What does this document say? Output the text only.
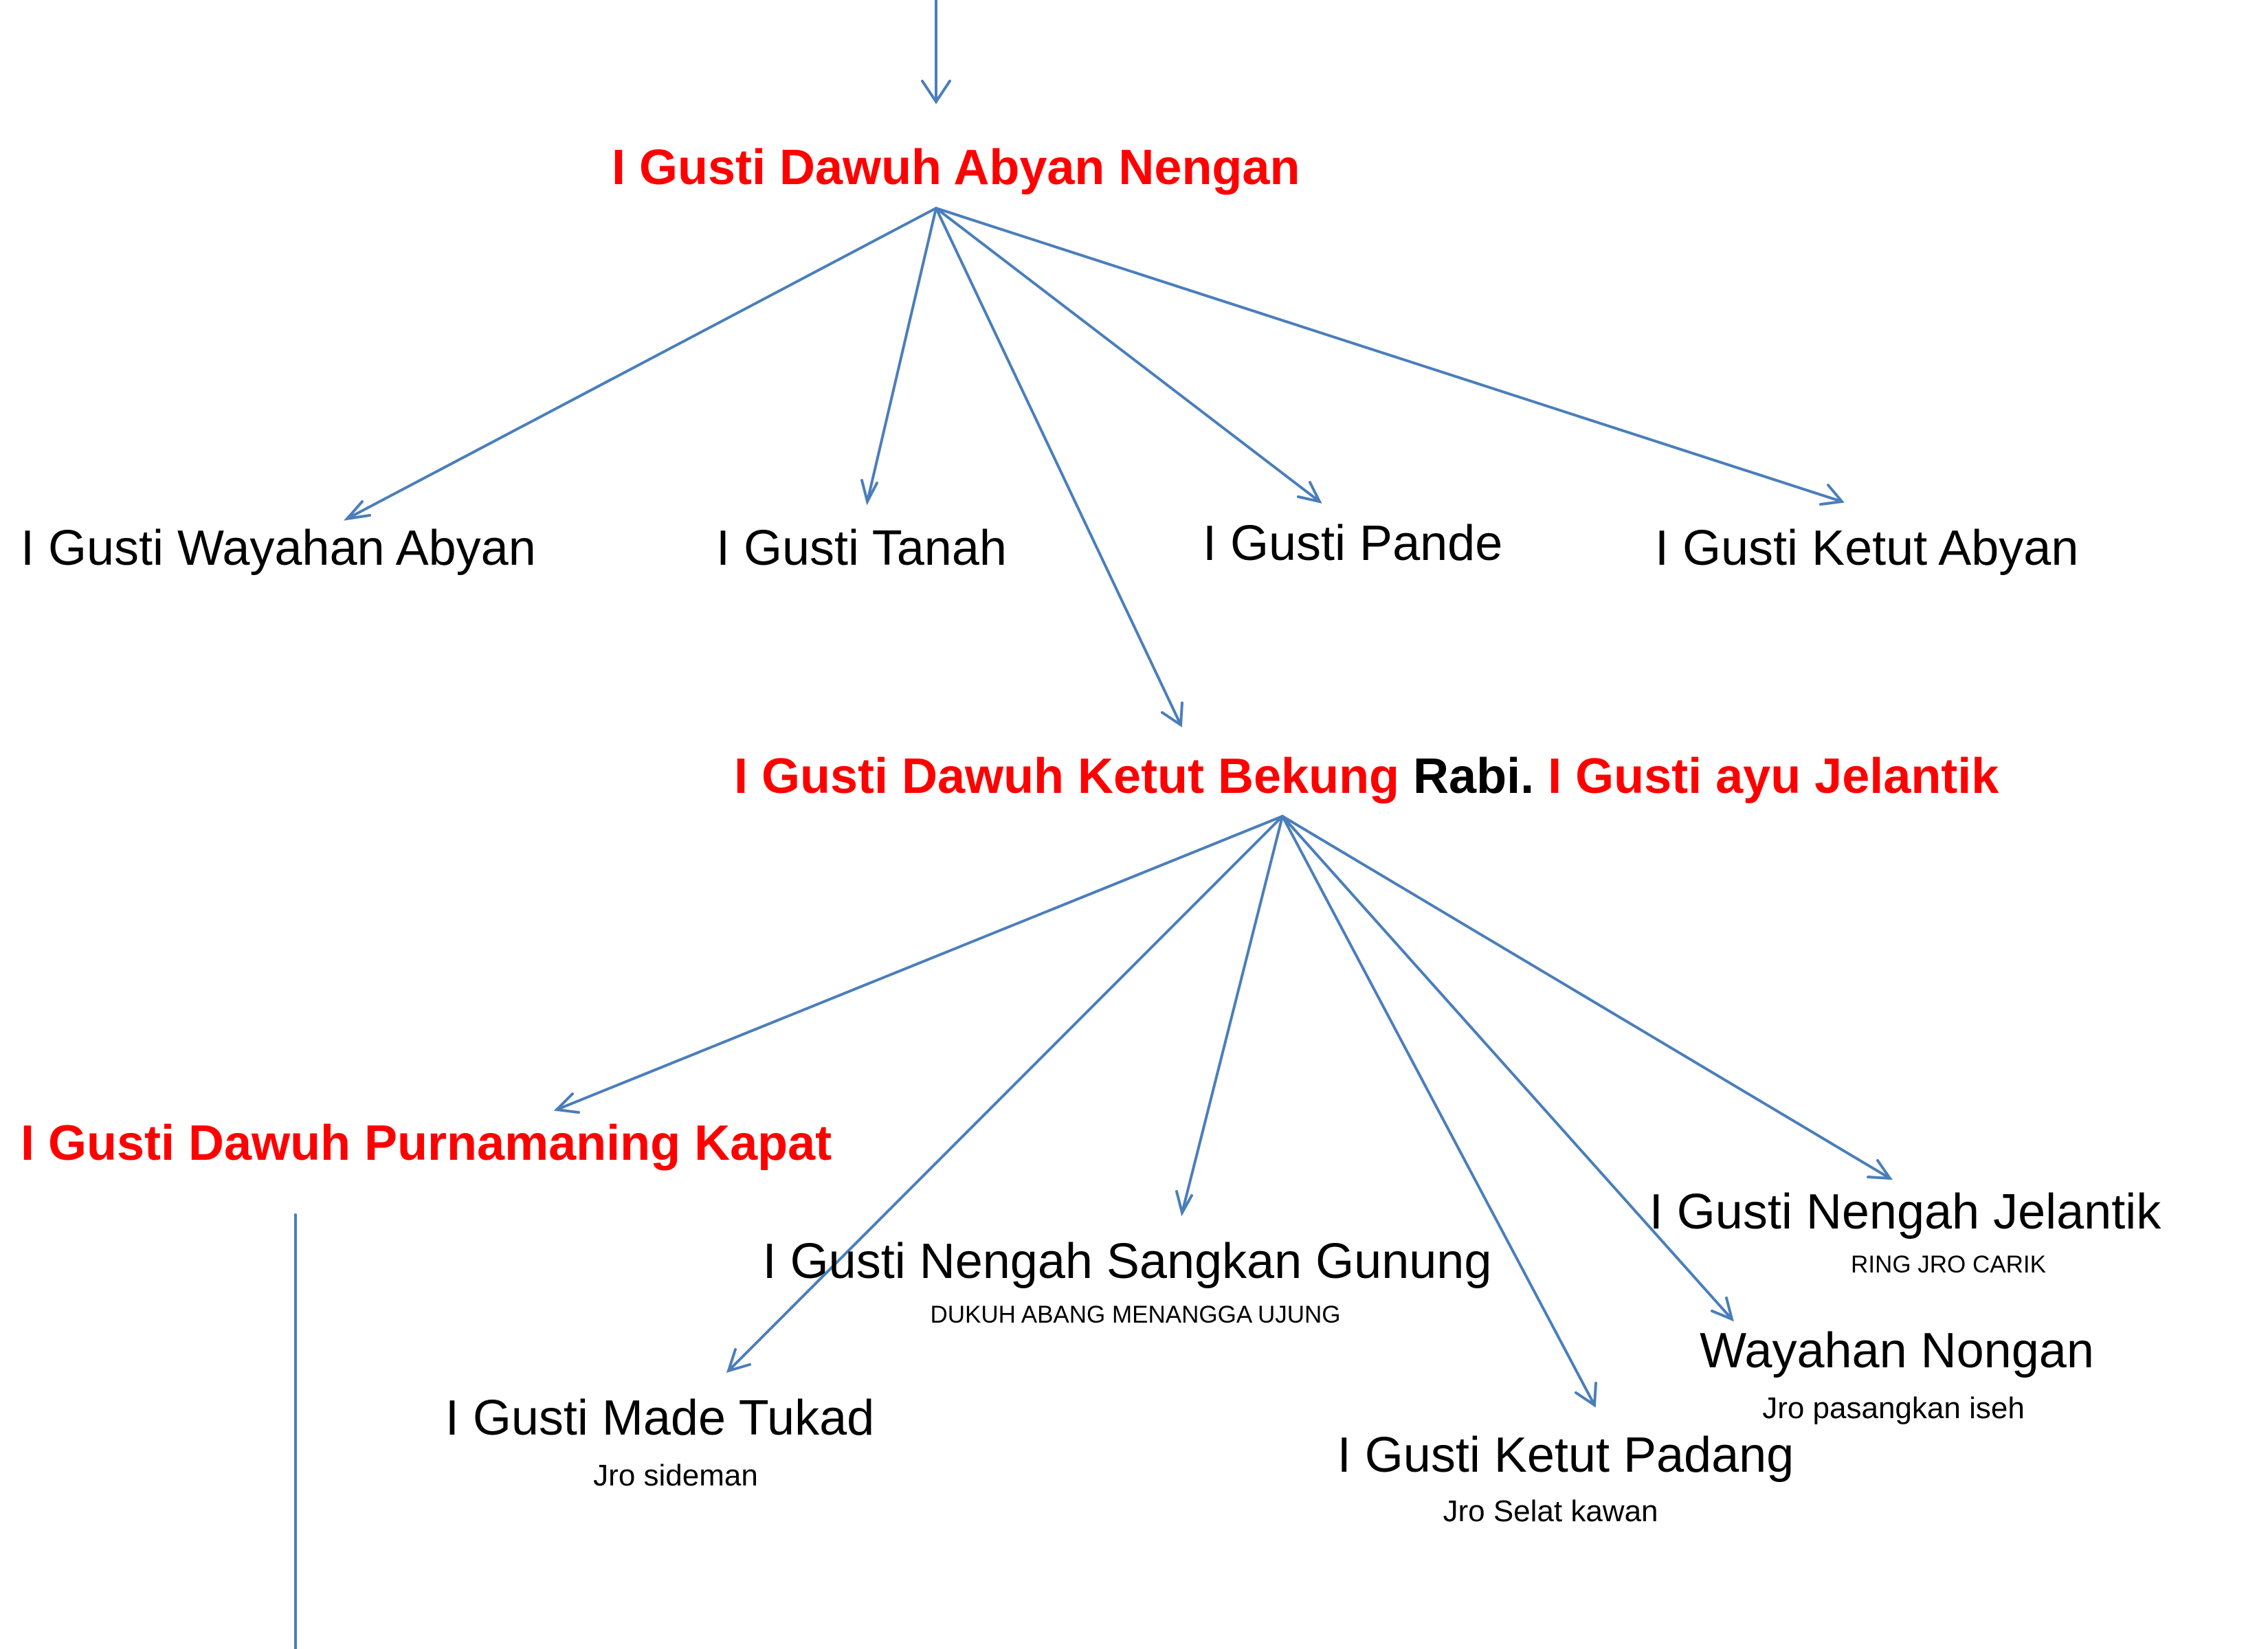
I Gusti Dawuh Abyan Nengan
I Gusti Wayahan Abyan	I Gusti Tanah	I Gusti Pande	I Gusti Ketut Abyan
I Gusti Dawuh Ketut Bekung Rabi. I Gusti ayu Jelantik
I Gusti Dawuh Purnamaning Kapat
I Gusti Nengah Sangkan Gunung
DUKUH ABANG MENANGGA UJUNG
I Gusti Made Tukad
Jro sideman
I Gusti Nengah Jelantik
RING JRO CARIK
Wayahan Nongan
Jro pasangkan iseh
I Gusti Ketut Padang
Jro Selat kawan
